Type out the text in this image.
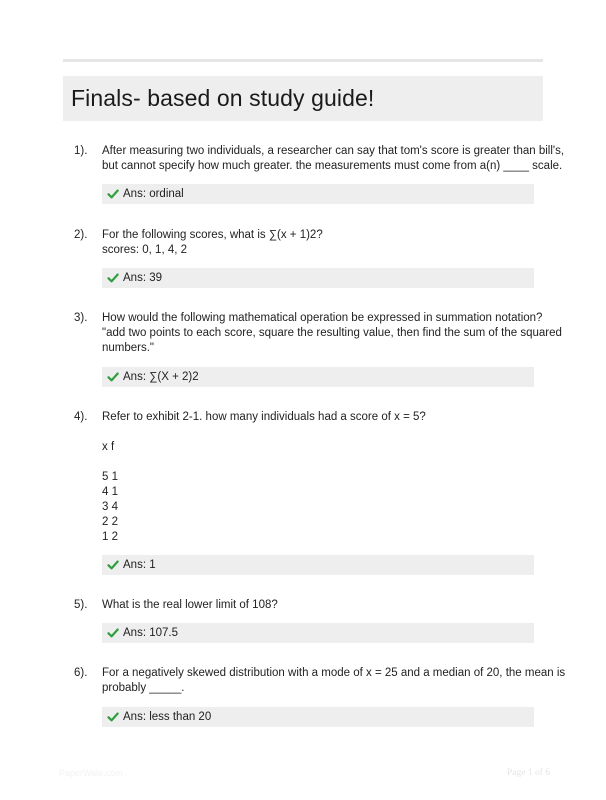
Finals- based on study guide!
1). After measuring two individuals, a researcher can say that tom's score is greater than bill's,
but cannot specify how much greater. the measurements must come from a(n) ____ scale.
Ans: ordinal
2). For the following scores, what is ∑(x + 1)2?
scores: 0, 1, 4, 2
Ans: 39
3). How would the following mathematical operation be expressed in summation notation?
"add two points to each score, square the resulting value, then find the sum of the squared
numbers."
Ans: ∑(X + 2)2
4). Refer to exhibit 2-1. how many individuals had a score of x = 5?

x f

5 1
4 1
3 4
2 2
1 2
Ans: 1
5). What is the real lower limit of 108?
Ans: 107.5
6). For a negatively skewed distribution with a mode of x = 25 and a median of 20, the mean is
probably _____.
Ans: less than 20
PaperWale.com	Page 1 of 6
